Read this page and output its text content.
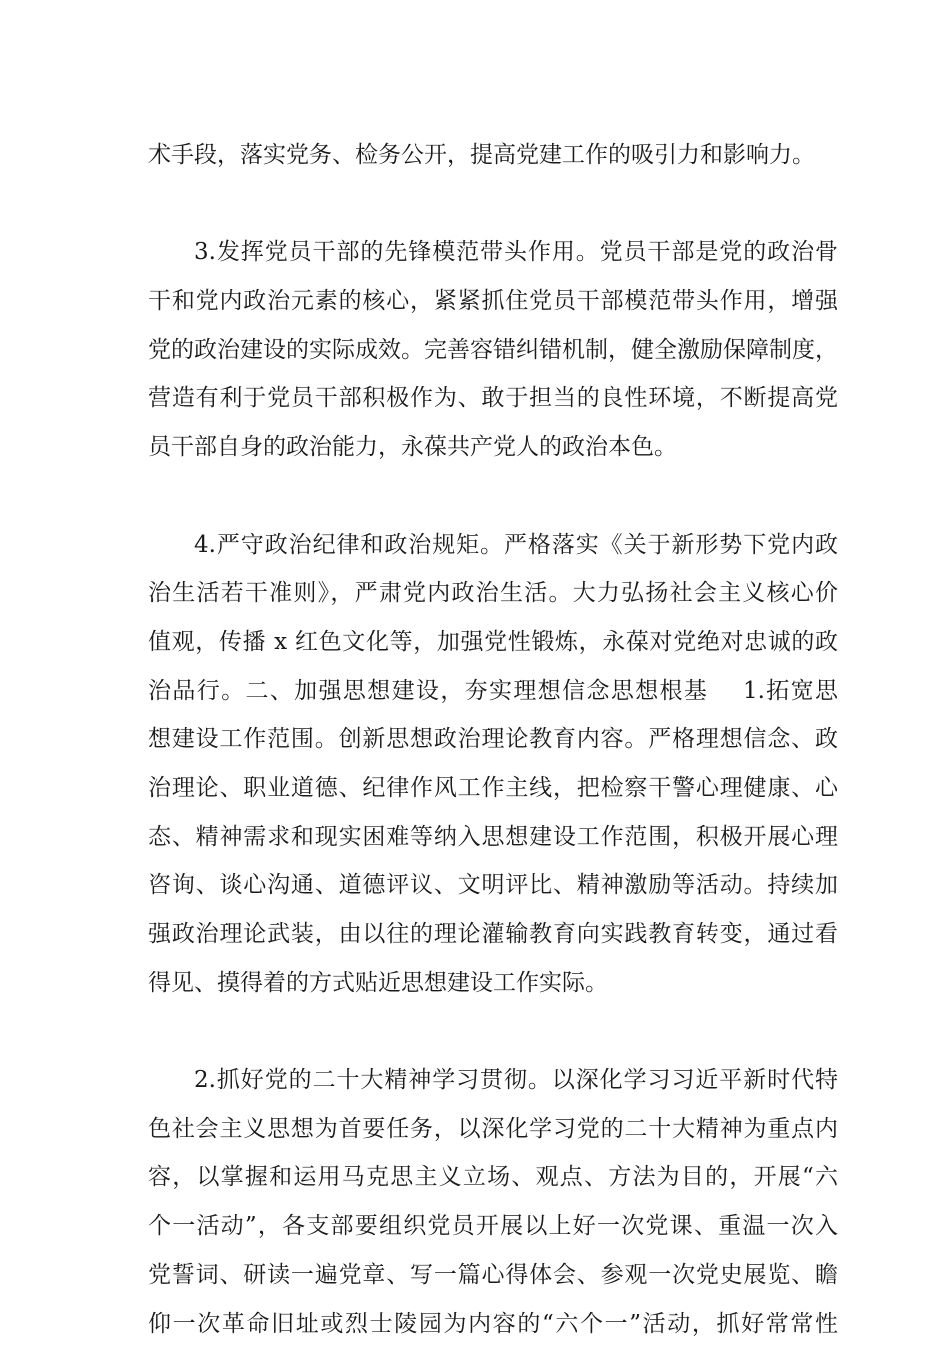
术手段，落实党务、检务公开，提高党建工作的吸引力和影响力。
3.发挥党员干部的先锋模范带头作用。党员干部是党的政治骨
干和党内政治元素的核心，紧紧抓住党员干部模范带头作用，增强
党的政治建设的实际成效。完善容错纠错机制，健全激励保障制度，
营造有利于党员干部积极作为、敢于担当的良性环境，不断提高党
员干部自身的政治能力，永葆共产党人的政治本色。
4.严守政治纪律和政治规矩。严格落实《关于新形势下党内政
治生活若干准则》，严肃党内政治生活。大力弘扬社会主义核心价
值观，传播 x 红色文化等，加强党性锻炼，永葆对党绝对忠诚的政
治品行。二、加强思想建设，夯实理想信念思想根基    1.拓宽思
想建设工作范围。创新思想政治理论教育内容。严格理想信念、政
治理论、职业道德、纪律作风工作主线，把检察干警心理健康、心
态、精神需求和现实困难等纳入思想建设工作范围，积极开展心理
咨询、谈心沟通、道德评议、文明评比、精神激励等活动。持续加
强政治理论武装，由以往的理论灌输教育向实践教育转变，通过看
得见、摸得着的方式贴近思想建设工作实际。
2.抓好党的二十大精神学习贯彻。以深化学习习近平新时代特
色社会主义思想为首要任务，以深化学习党的二十大精神为重点内
容，以掌握和运用马克思主义立场、观点、方法为目的，开展“六
个一活动”，各支部要组织党员开展以上好一次党课、重温一次入
党誓词、研读一遍党章、写一篇心得体会、参观一次党史展览、瞻
仰一次革命旧址或烈士陵园为内容的“六个一”活动，抓好常常性
